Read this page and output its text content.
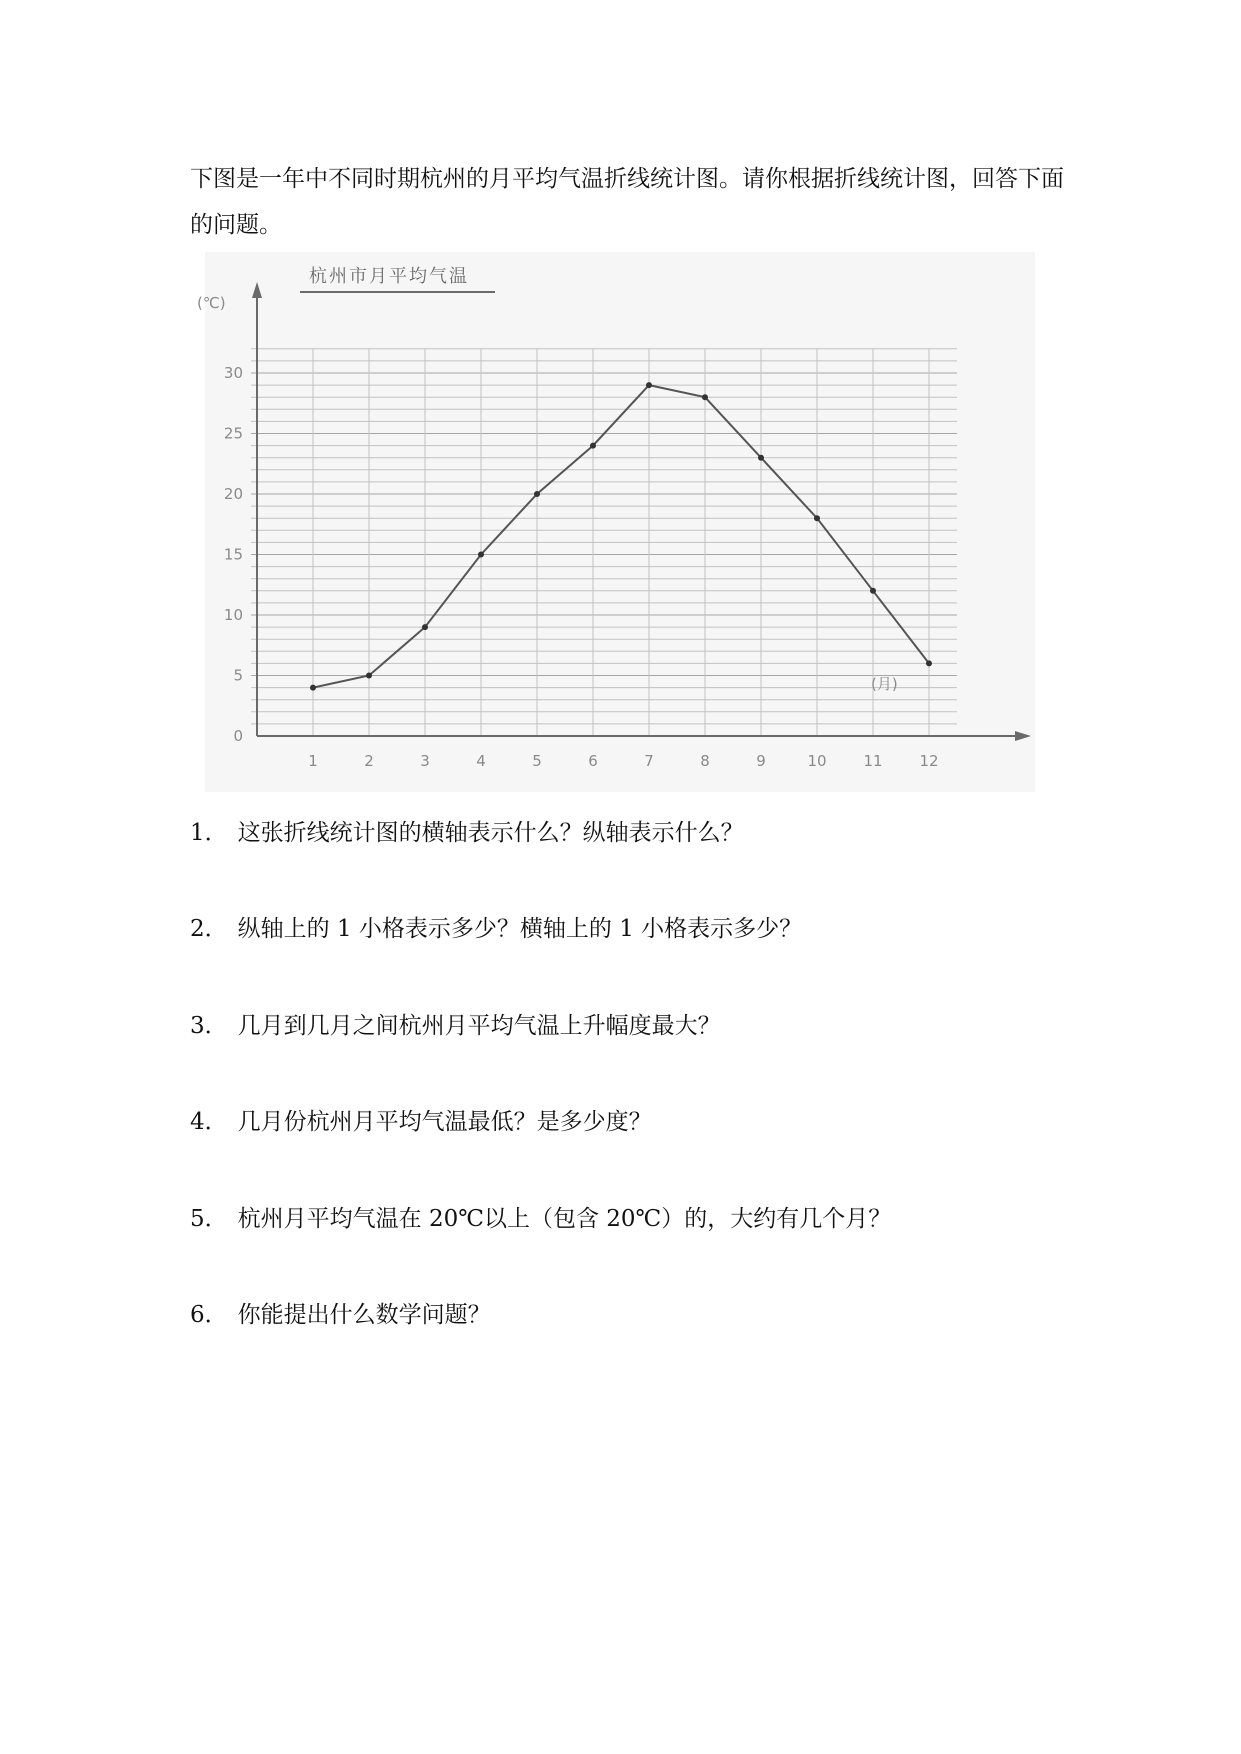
下图是一年中不同时期杭州的月平均气温折线统计图。请你根据折线统计图，回答下面的问题。

0
5
10
15
20
25
30
1	2	3	4	5	6	7	8	9	10 11 12
杭州市月平均气温
(℃)
(月)

1． 这张折线统计图的横轴表示什么？纵轴表示什么？

2． 纵轴上的 1 小格表示多少？横轴上的 1 小格表示多少？

3． 几月到几月之间杭州月平均气温上升幅度最大？

4． 几月份杭州月平均气温最低？是多少度？

5． 杭州月平均气温在 20℃以上（包含 20℃）的，大约有几个月？

6． 你能提出什么数学问题？
